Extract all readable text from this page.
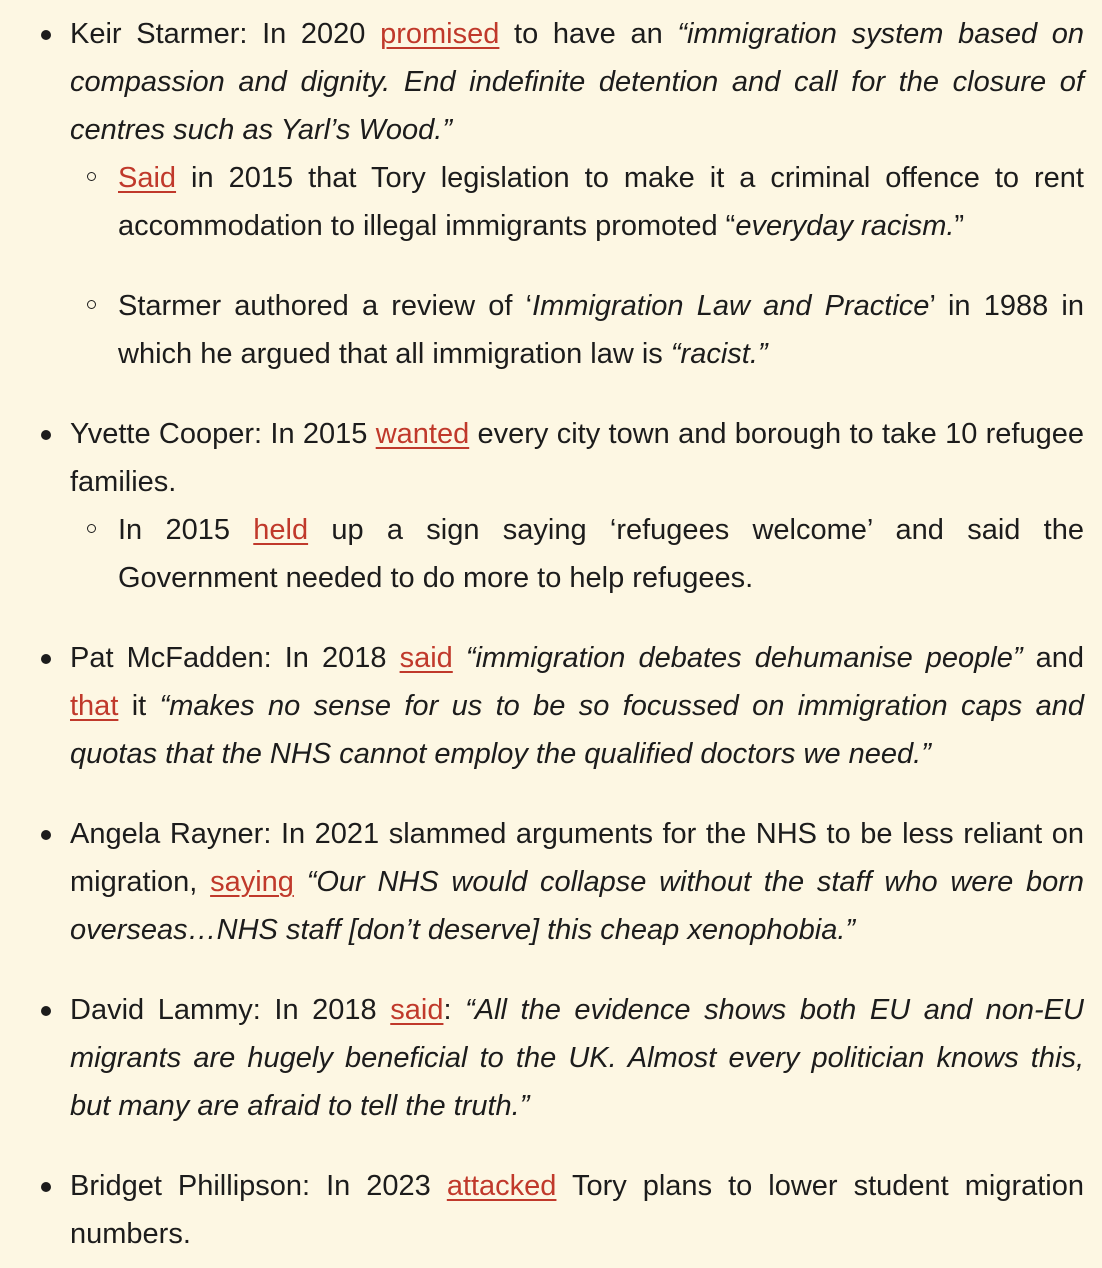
Keir Starmer: In 2020 promised to have an “immigration system based on compassion and dignity. End indefinite detention and call for the closure of centres such as Yarl’s Wood.”
Said in 2015 that Tory legislation to make it a criminal offence to rent accommodation to illegal immigrants promoted “everyday racism.”
Starmer authored a review of ‘Immigration Law and Practice’ in 1988 in which he argued that all immigration law is “racist.”
Yvette Cooper: In 2015 wanted every city town and borough to take 10 refugee families.
In 2015 held up a sign saying ‘refugees welcome’ and said the Government needed to do more to help refugees.
Pat McFadden: In 2018 said “immigration debates dehumanise people” and that it “makes no sense for us to be so focussed on immigration caps and quotas that the NHS cannot employ the qualified doctors we need.”
Angela Rayner: In 2021 slammed arguments for the NHS to be less reliant on migration, saying “Our NHS would collapse without the staff who were born overseas…NHS staff [don’t deserve] this cheap xenophobia.”
David Lammy: In 2018 said: “All the evidence shows both EU and non-EU migrants are hugely beneficial to the UK. Almost every politician knows this, but many are afraid to tell the truth.”
Bridget Phillipson: In 2023 attacked Tory plans to lower student migration numbers.
